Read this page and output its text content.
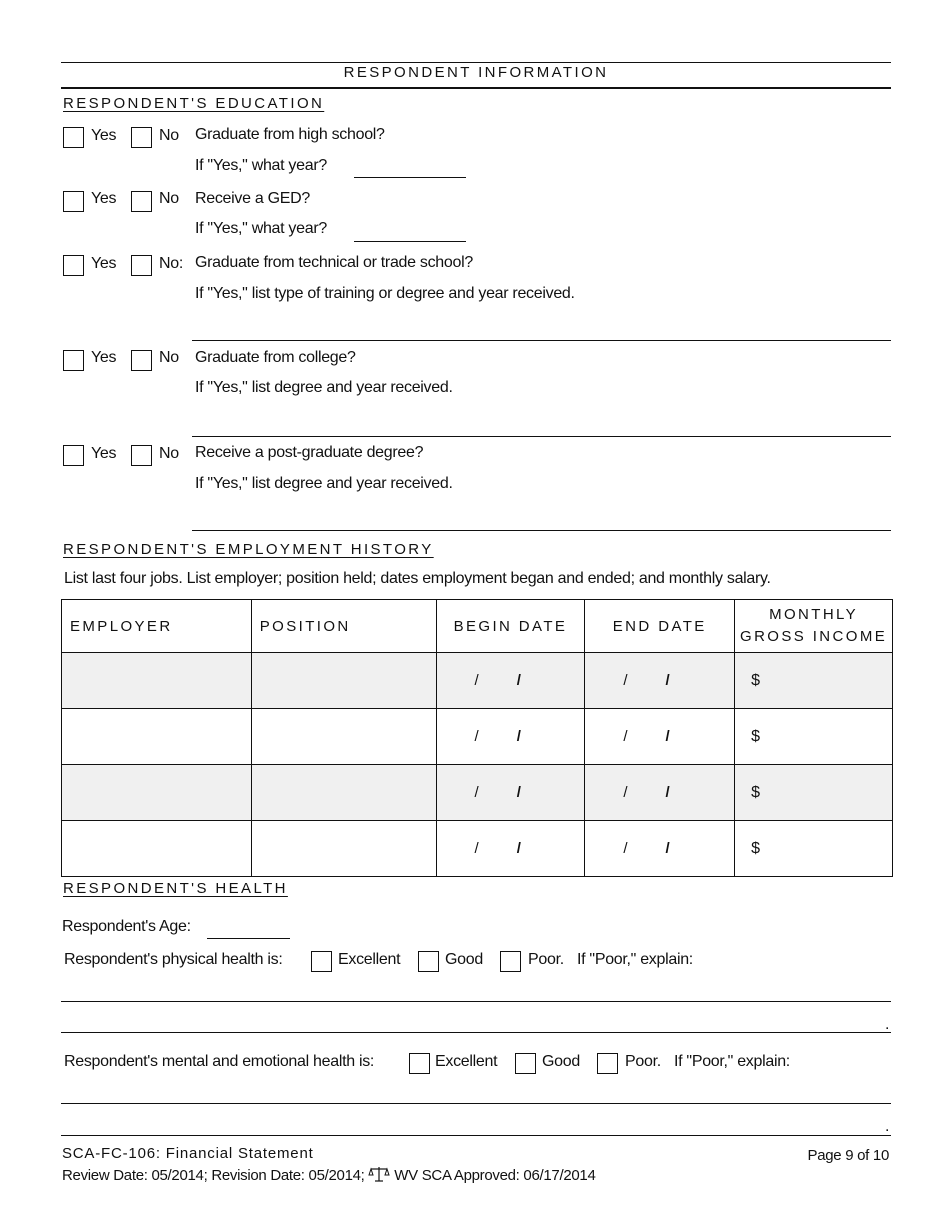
RESPONDENT INFORMATION
RESPONDENT'S EDUCATION
Yes	No Graduate from high school?
If "Yes," what year?
Yes	No Receive a GED?
If "Yes," what year?
Yes	No: Graduate from technical or trade school?
If "Yes," list type of training or degree and year received.
Yes	No Graduate from college?
If "Yes," list degree and year received.
Yes	No Receive a post-graduate degree?
If "Yes," list degree and year received.
RESPONDENT'S EMPLOYMENT HISTORY
List last four jobs. List employer; position held; dates employment began and ended; and monthly salary.
EMPLOYER	POSITION	BEGIN DATE	END DATE	MONTHLY
GROSS INCOME

		/ /	/ /	$
		/ /	/ /	$
		/ /	/ /	$
		/ /	/ /	$
RESPONDENT'S HEALTH
Respondent's Age:
Respondent's physical health is:	Excellent	Good	Poor. If "Poor," explain:
.
Respondent's mental and emotional health is:	Excellent	Good	Poor. If "Poor," explain:
.
SCA-FC-106: Financial Statement
Review Date: 05/2014; Revision Date: 05/2014; WV SCA Approved: 06/17/2014
Page 9 of 10
